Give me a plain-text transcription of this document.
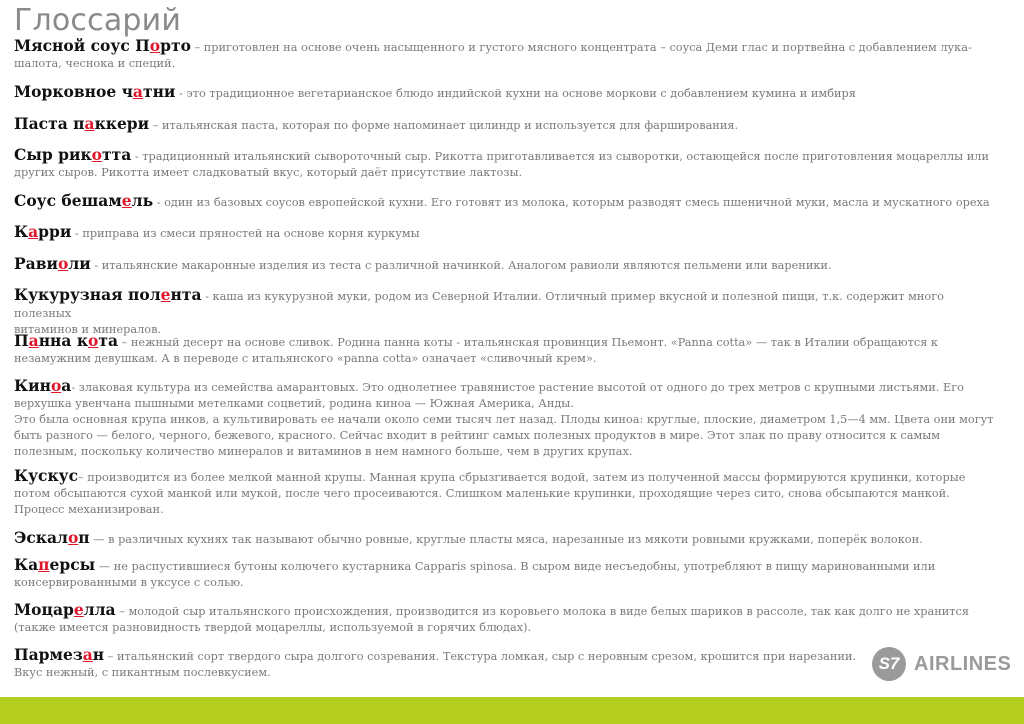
Глоссарий
Мясной соус Порто – приготовлен на основе очень насыщенного и густого мясного концентрата – соуса Деми глас и портвейна с добавлением лука-
шалота, чеснока и специй.
Морковное чатни - это традиционное вегетарианское блюдо индийской кухни на основе моркови с добавлением кумина и имбиря
Паста паккери – итальянская паста, которая по форме напоминает цилиндр и используется для фарширования.
Сыр рикотта - традиционный итальянский сывороточный сыр. Рикотта приготавливается из сыворотки, остающейся после приготовления моцареллы или
других сыров. Рикотта имеет сладковатый вкус, который даёт присутствие лактозы.
Соус бешамель - один из базовых соусов европейской кухни. Его готовят из молока, которым разводят смесь пшеничной муки, масла и мускатного ореха
Карри - приправа из смеси пряностей на основе корня куркумы
Равиоли - итальянские макаронные изделия из теста с различной начинкой. Аналогом равиоли являются пельмени или вареники.
Кукурузная полента - каша из кукурузной муки, родом из Северной Италии. Отличный пример вкусной и полезной пищи, т.к. содержит много полезных
витаминов и минералов.
Панна кота – нежный десерт на основе сливок. Родина панна коты - итальянская провинция Пьемонт. «Panna cotta» — так в Италии обращаются к
незамужним девушкам. А в переводе с итальянского «panna cotta» означает «сливочный крем».
Киноа- злаковая культура из семейства амарантовых. Это однолетнее травянистое растение высотой от одного до трех метров с крупными листьями. Его
верхушка увенчана пышными метелками соцветий, родина киноа — Южная Америка, Анды.
Это была основная крупа инков, а культивировать ее начали около семи тысяч лет назад. Плоды киноа: круглые, плоские, диаметром 1,5—4 мм. Цвета они могут
быть разного — белого, черного, бежевого, красного. Сейчас входит в рейтинг самых полезных продуктов в мире. Этот злак по праву относится к самым
полезным, поскольку количество минералов и витаминов в нем намного больше, чем в других крупах.
Кускус– производится из более мелкой манной крупы. Манная крупа сбрызгивается водой, затем из полученной массы формируются крупинки, которые
потом обсыпаются сухой манкой или мукой, после чего просеиваются. Слишком маленькие крупинки, проходящие через сито, снова обсыпаются манкой.
Процесс механизирован.
Эскалоп — в различных кухнях так называют обычно ровные, круглые пласты мяса, нарезанные из мякоти ровными кружками, поперёк волокон.
Каперсы — не распустившиеся бутоны колючего кустарника Capparis spinosa. В сыром виде несъедобны, употребляют в пищу маринованными или
консервированными в уксусе с солью.
Моцарелла – молодой сыр итальянского происхождения, производится из коровьего молока в виде белых шариков в рассоле, так как долго не хранится
(также имеется разновидность твердой моцареллы, используемой в горячих блюдах).
Пармезан – итальянский сорт твердого сыра долгого созревания. Текстура ломкая, сыр с неровным срезом, крошится при нарезании.
Вкус нежный, с пикантным послевкусием.	S7 AIRLINES
